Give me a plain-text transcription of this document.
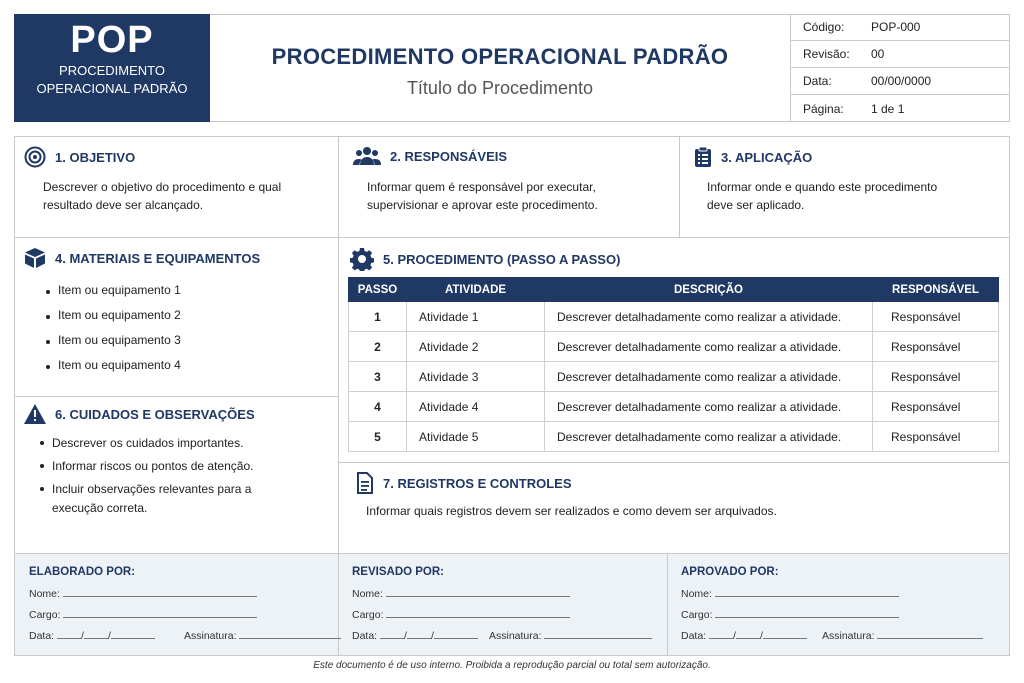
POP
PROCEDIMENTO OPERACIONAL PADRÃO
PROCEDIMENTO OPERACIONAL PADRÃO
Título do Procedimento
Código:	POP-000
Revisão:	00
Data:	00/00/0000
Página:	1 de 1
1. OBJETIVO
Descrever o objetivo do procedimento e qual resultado deve ser alcançado.
2. RESPONSÁVEIS
Informar quem é responsável por executar, supervisionar e aprovar este procedimento.
3. APLICAÇÃO
Informar onde e quando este procedimento deve ser aplicado.
4. MATERIAIS E EQUIPAMENTOS
Item ou equipamento 1
Item ou equipamento 2
Item ou equipamento 3
Item ou equipamento 4
5. PROCEDIMENTO (PASSO A PASSO)
PASSO	ATIVIDADE	DESCRIÇÃO	RESPONSÁVEL
1	Atividade 1	Descrever detalhadamente como realizar a atividade.	Responsável
2	Atividade 2	Descrever detalhadamente como realizar a atividade.	Responsável
3	Atividade 3	Descrever detalhadamente como realizar a atividade.	Responsável
4	Atividade 4	Descrever detalhadamente como realizar a atividade.	Responsável
5	Atividade 5	Descrever detalhadamente como realizar a atividade.	Responsável
6. CUIDADOS E OBSERVAÇÕES
Descrever os cuidados importantes.
Informar riscos ou pontos de atenção.
Incluir observações relevantes para a execução correta.
7. REGISTROS E CONTROLES
Informar quais registros devem ser realizados e como devem ser arquivados.
ELABORADO POR:
Nome:
Cargo:
Data:	/ /	Assinatura:
REVISADO POR:
Nome:
Cargo:
Data:	/ /	Assinatura:
APROVADO POR:
Nome:
Cargo:
Data:	/ /	Assinatura:
Este documento é de uso interno. Proibida a reprodução parcial ou total sem autorização.
